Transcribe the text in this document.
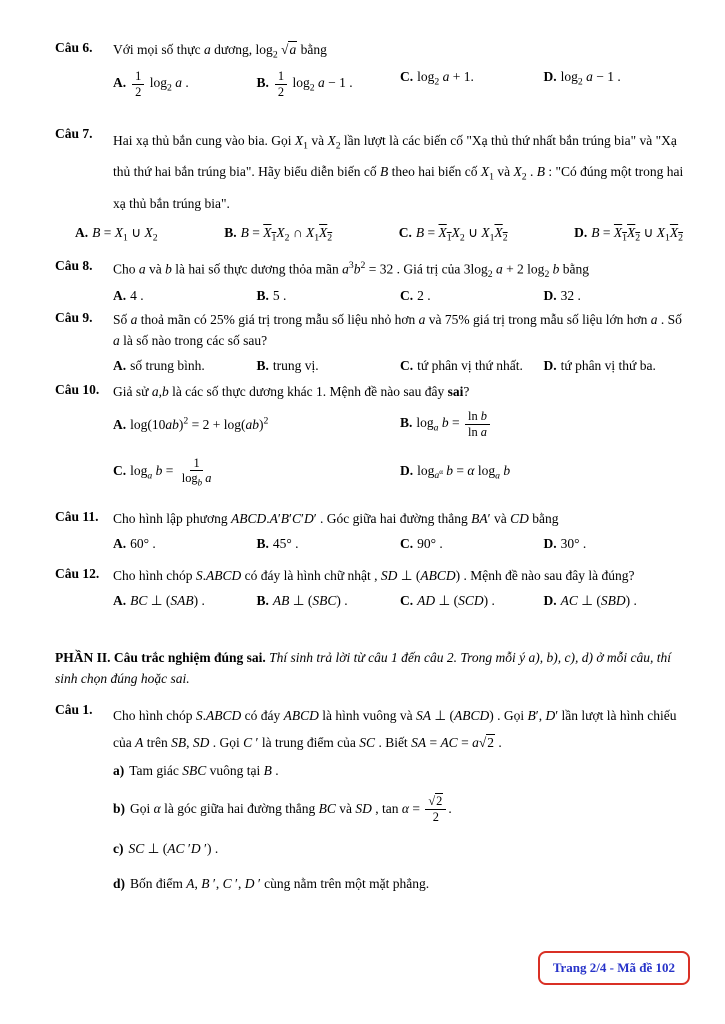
Câu 6.	Với mọi số thực a dương, $\log_2 √a$ bằng
A. $\frac{1}{2} \log_2 a$ .	B. $\frac{1}{2} \log_2 a - 1$ .	C. $\log_2 a + 1$.	D. $\log_2 a - 1$ .
Câu 7.	Hai xạ thủ bắn cung vào bia. Gọi $X_1$ và $X_2$ lần lượt là các biến cố "Xạ thủ thứ nhất bắn trúng bia" và "Xạ thủ thứ hai bắn trúng bia". Hãy biểu diễn biến cố B theo hai biến cố $X_1$ và $X_2$ . B : "Có đúng một trong hai xạ thủ bắn trúng bia".
A. $B = X_1$ ∪ $X_2$	B. $B = X_1X_2$ ∩ $X_1X_2$	C. $B = X_1X_2$ ∪ $X_1X_2$	D. $B = X_1X_2$ ∪ $X_1X_2$
Câu 8.	Cho a và b là hai số thực dương thỏa mãn $a^3b^2 = 32$ . Giá trị của $3\log_2$ a + 2 $\log_2 b$ bằng
A. 4 .	B. 5 .	C. 2 .	D. 32 .
Câu 9.	Số a thoả mãn có 25% giá trị trong mẫu số liệu nhỏ hơn a và 75% giá trị trong mẫu số liệu lớn hơn a . Số a là số nào trong các số sau?
A. số trung bình.	B. trung vị.	C. tứ phân vị thứ nhất.	D. tứ phân vị thứ ba.
Câu 10.	Giả sử a,b là các số thực dương khác 1. Mệnh đề nào sau đây sai?
A. $\log(10ab)^2 = 2 + \log(ab)^2$	B. $\log_a b = \frac{\text{ln b}}{\text{ln a}}$
C. $\log_a b = \frac{1}{\log_b a}$	D. $\log_{a^\alpha} b = \alpha$ $\log_a b$
Câu 11.	Cho hình lập phương ABCD.A′B′C′D′ . Góc giữa hai đường thẳng BA′ và CD bằng
A. 60° .	B. 45° .	C. 90° .	D. 30° .
Câu 12.	Cho hình chóp S.ABCD có đáy là hình chữ nhật , SD ⊥ (ABCD) . Mệnh đề nào sau đây là đúng?
A. BC ⊥ (SAB) .	B. AB ⊥ (SBC) .	C. AD ⊥ (SCD) .	D. AC ⊥ (SBD) .
PHẦN II. Câu trắc nghiệm đúng sai. Thí sinh trả lời từ câu 1 đến câu 2. Trong mỗi ý a), b), c), d) ở mỗi câu, thí sinh chọn đúng hoặc sai.
Câu 1.	Cho hình chóp S.ABCD có đáy ABCD là hình vuông và SA ⊥ (ABCD) . Gọi B′, D′ lần lượt là hình chiếu của A trên SB, SD . Gọi C ′ là trung điểm của SC . Biết SA = AC = a√2 .
a) Tam giác SBC vuông tại B .
b) Gọi α là góc giữa hai đường thẳng BC và SD , $\tan \alpha = \frac{√2}{2}$ .
c) SC ⊥ (AC ′D ′) .
d) Bốn điểm A, B ′, C ′, D ′ cùng nằm trên một mặt phẳng.
Trang 2/4 - Mã đề 102
